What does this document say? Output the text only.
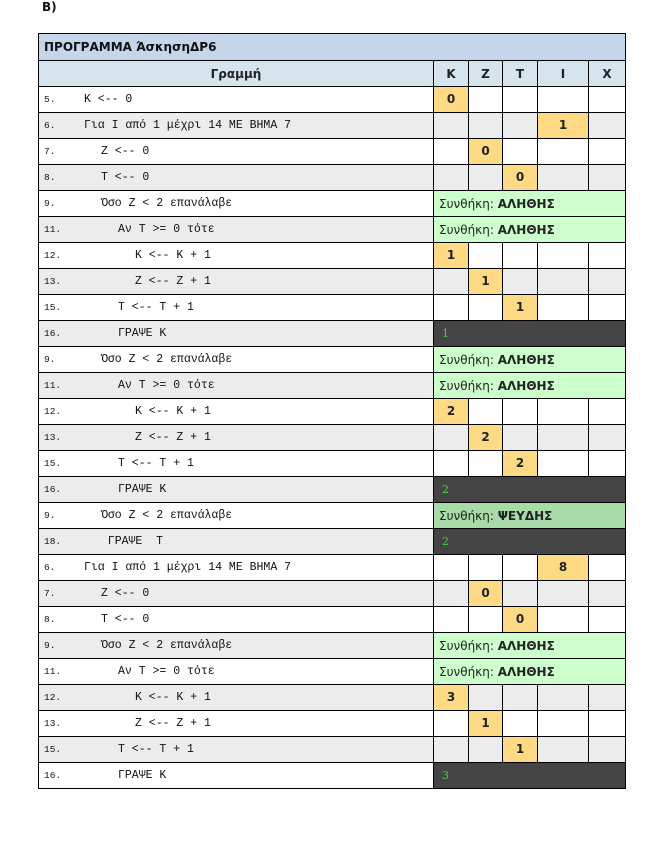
B)
ΠΡΟΓΡΑΜΜΑ ΆσκησηΔΡ6					
Γραμμή	K	Z	T	I	X
5. K <-- 0	0				
6. Για I από 1 μέχρι 14 ΜΕ ΒΗΜΑ 7				1	
7. Z <-- 0		0			
8. T <-- 0			0		
9. Όσο Z < 2 επανάλαβε	Συνθήκη: ΑΛΗΘΗΣ				
11. Αν T >= 0 τότε	Συνθήκη: ΑΛΗΘΗΣ				
12. K <-- K + 1	1				
13. Z <-- Z + 1		1			
15. T <-- T + 1			1		
16. ΓΡΑΨΕ K	1				
9. Όσο Z < 2 επανάλαβε	Συνθήκη: ΑΛΗΘΗΣ				
11. Αν T >= 0 τότε	Συνθήκη: ΑΛΗΘΗΣ				
12. K <-- K + 1	2				
13. Z <-- Z + 1		2			
15. T <-- T + 1			2		
16. ΓΡΑΨΕ K	2				
9. Όσο Z < 2 επανάλαβε	Συνθήκη: ΨΕΥΔΗΣ				
18. ΓΡΑΨΕ  T	2				
6. Για I από 1 μέχρι 14 ΜΕ ΒΗΜΑ 7				8	
7. Z <-- 0		0			
8. T <-- 0			0		
9. Όσο Z < 2 επανάλαβε	Συνθήκη: ΑΛΗΘΗΣ				
11. Αν T >= 0 τότε	Συνθήκη: ΑΛΗΘΗΣ				
12. K <-- K + 1	3				
13. Z <-- Z + 1		1			
15. T <-- T + 1			1		
16. ΓΡΑΨΕ K	3				
